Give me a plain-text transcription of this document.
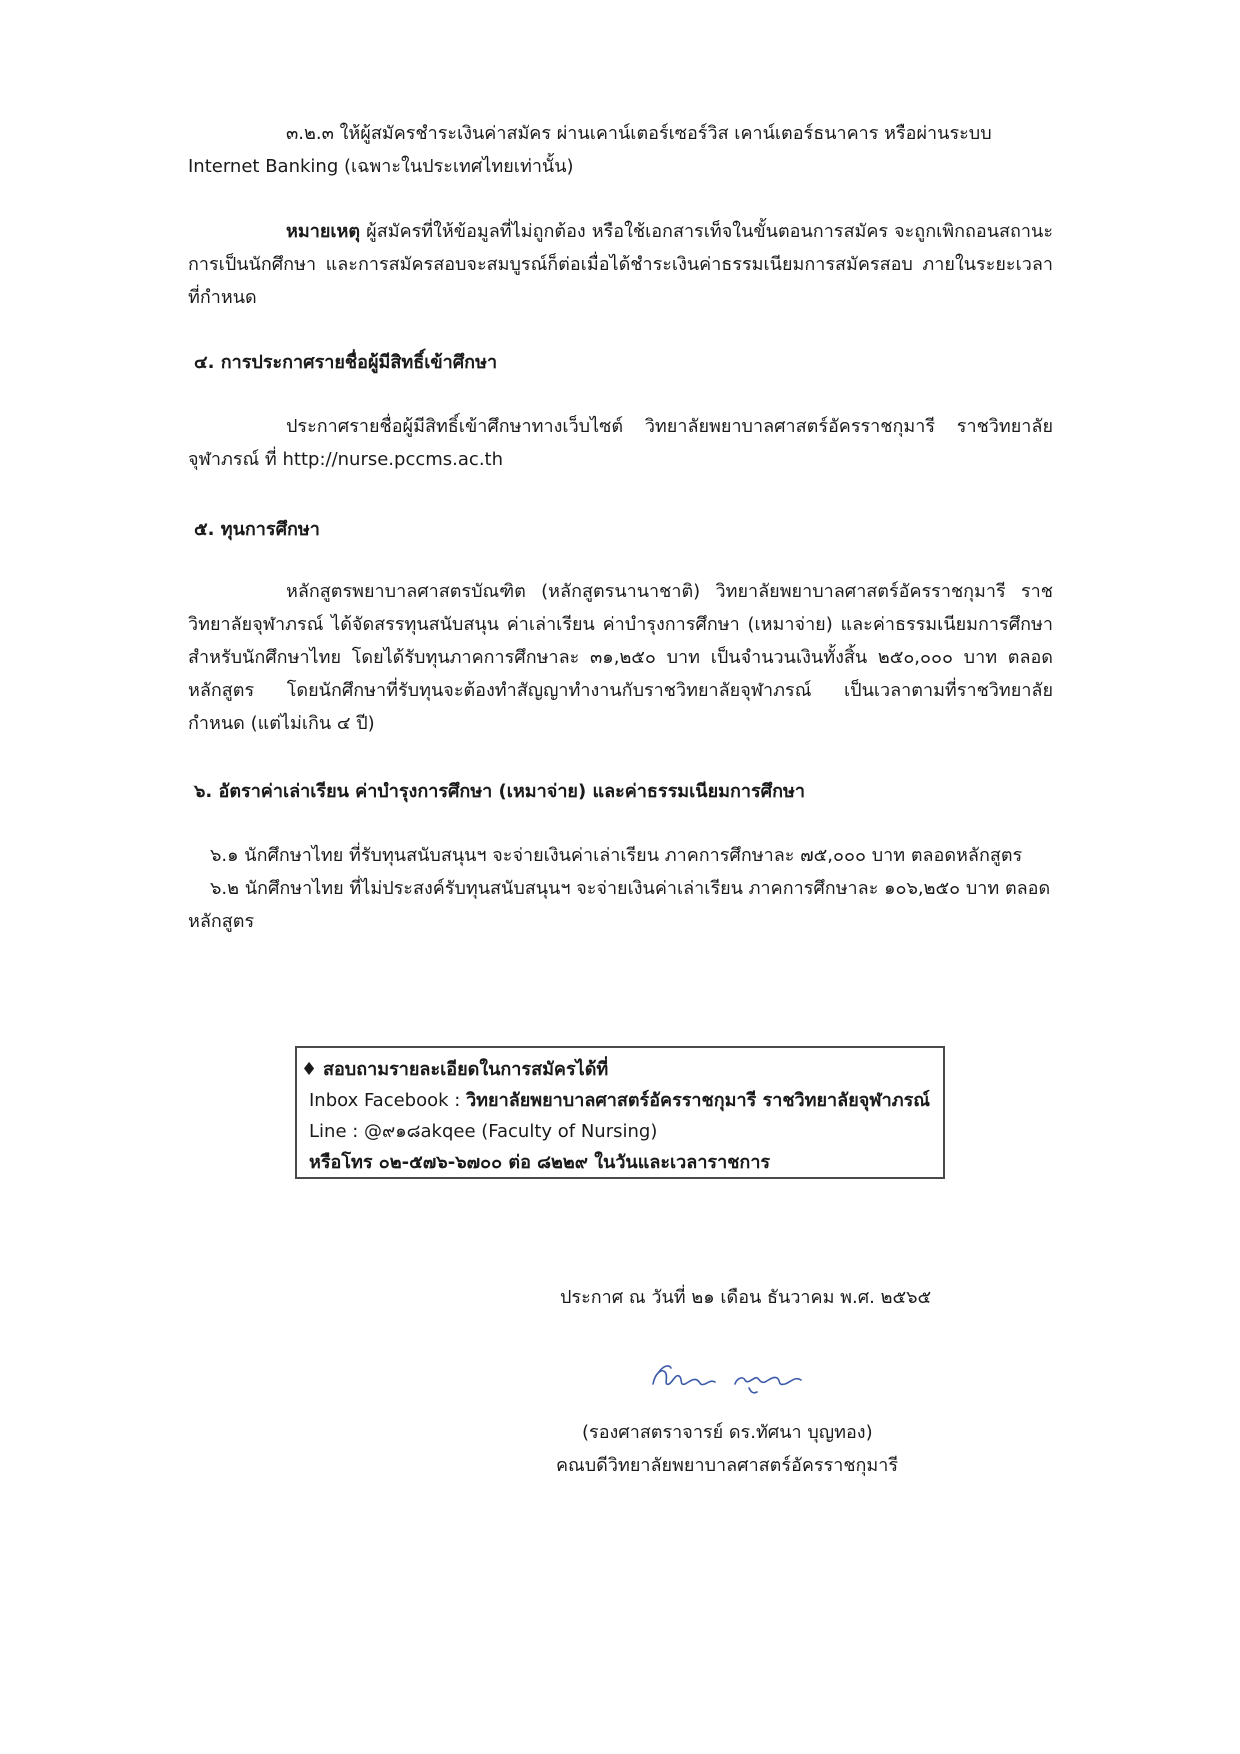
๓.๒.๓ ให้ผู้สมัครชำระเงินค่าสมัคร ผ่านเคาน์เตอร์เซอร์วิส เคาน์เตอร์ธนาคาร หรือผ่านระบบ Internet Banking (เฉพาะในประเทศไทยเท่านั้น)

หมายเหตุ ผู้สมัครที่ให้ข้อมูลที่ไม่ถูกต้อง หรือใช้เอกสารเท็จในขั้นตอนการสมัคร จะถูกเพิกถอนสถานะการเป็นนักศึกษา และการสมัครสอบจะสมบูรณ์ก็ต่อเมื่อได้ชำระเงินค่าธรรมเนียมการสมัครสอบ ภายในระยะเวลาที่กำหนด

๔. การประกาศรายชื่อผู้มีสิทธิ์เข้าศึกษา

ประกาศรายชื่อผู้มีสิทธิ์เข้าศึกษาทางเว็บไซต์ วิทยาลัยพยาบาลศาสตร์อัครราชกุมารี ราชวิทยาลัยจุฬาภรณ์ ที่ http://nurse.pccms.ac.th

๕. ทุนการศึกษา

หลักสูตรพยาบาลศาสตรบัณฑิต (หลักสูตรนานาชาติ) วิทยาลัยพยาบาลศาสตร์อัครราชกุมารี ราชวิทยาลัยจุฬาภรณ์ ได้จัดสรรทุนสนับสนุน ค่าเล่าเรียน ค่าบำรุงการศึกษา (เหมาจ่าย) และค่าธรรมเนียมการศึกษา สำหรับนักศึกษาไทย โดยได้รับทุนภาคการศึกษาละ ๓๑,๒๕๐ บาท เป็นจำนวนเงินทั้งสิ้น ๒๕๐,๐๐๐ บาท ตลอดหลักสูตร โดยนักศึกษาที่รับทุนจะต้องทำสัญญาทำงานกับราชวิทยาลัยจุฬาภรณ์ เป็นเวลาตามที่ราชวิทยาลัยกำหนด (แต่ไม่เกิน ๔ ปี)

๖. อัตราค่าเล่าเรียน ค่าบำรุงการศึกษา (เหมาจ่าย) และค่าธรรมเนียมการศึกษา

๖.๑ นักศึกษาไทย ที่รับทุนสนับสนุนฯ จะจ่ายเงินค่าเล่าเรียน ภาคการศึกษาละ ๗๕,๐๐๐ บาท ตลอดหลักสูตร

๖.๒ นักศึกษาไทย ที่ไม่ประสงค์รับทุนสนับสนุนฯ จะจ่ายเงินค่าเล่าเรียน ภาคการศึกษาละ ๑๐๖,๒๕๐ บาท ตลอดหลักสูตร

♦ สอบถามรายละเอียดในการสมัครได้ที่

Inbox Facebook : วิทยาลัยพยาบาลศาสตร์อัครราชกุมารี ราชวิทยาลัยจุฬาภรณ์

Line : @๙๑๘akqee (Faculty of Nursing)

หรือโทร ๐๒-๕๗๖-๖๗๐๐ ต่อ ๘๒๒๙ ในวันและเวลาราชการ

ประกาศ ณ วันที่ ๒๑ เดือน ธันวาคม พ.ศ. ๒๕๖๕

(รองศาสตราจารย์ ดร.ทัศนา บุญทอง)

คณบดีวิทยาลัยพยาบาลศาสตร์อัครราชกุมารี
